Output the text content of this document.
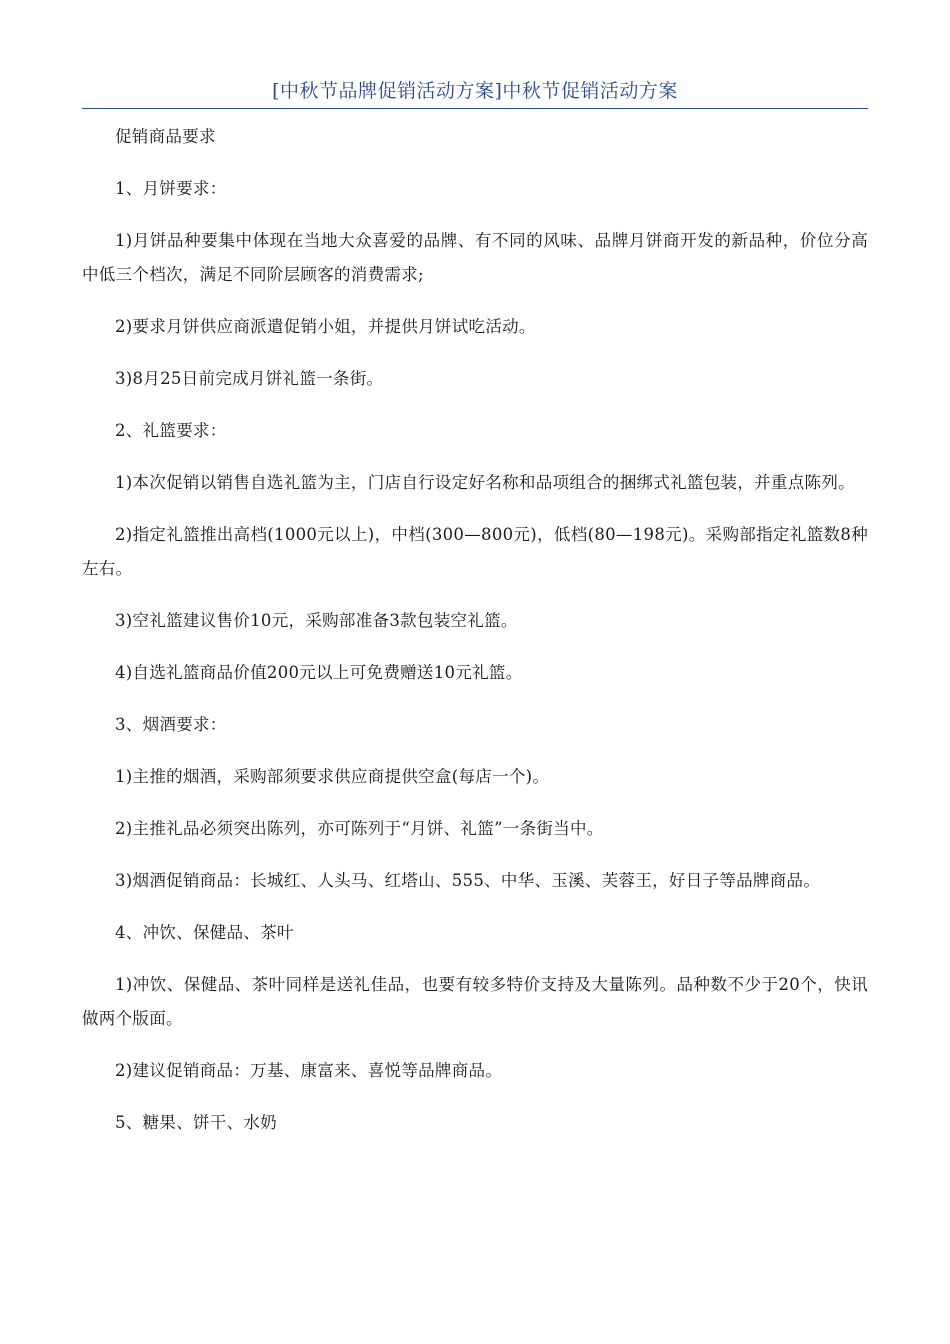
[中秋节品牌促销活动方案]中秋节促销活动方案

促销商品要求

1、月饼要求：

1)月饼品种要集中体现在当地大众喜爱的品牌、有不同的风味、品牌月饼商开发的新品种，价位分高中低三个档次，满足不同阶层顾客的消费需求;

2)要求月饼供应商派遣促销小姐，并提供月饼试吃活动。

3)8月25日前完成月饼礼篮一条街。

2、礼篮要求：

1)本次促销以销售自选礼篮为主，门店自行设定好名称和品项组合的捆绑式礼篮包装，并重点陈列。

2)指定礼篮推出高档(1000元以上)，中档(300—800元)，低档(80—198元)。采购部指定礼篮数8种左右。

3)空礼篮建议售价10元，采购部准备3款包装空礼篮。

4)自选礼篮商品价值200元以上可免费赠送10元礼篮。

3、烟酒要求：

1)主推的烟酒，采购部须要求供应商提供空盒(每店一个)。

2)主推礼品必须突出陈列，亦可陈列于“月饼、礼篮”一条街当中。

3)烟酒促销商品：长城红、人头马、红塔山、555、中华、玉溪、芙蓉王，好日子等品牌商品。

4、冲饮、保健品、茶叶

1)冲饮、保健品、茶叶同样是送礼佳品，也要有较多特价支持及大量陈列。品种数不少于20个，快讯做两个版面。

2)建议促销商品：万基、康富来、喜悦等品牌商品。

5、糖果、饼干、水奶
